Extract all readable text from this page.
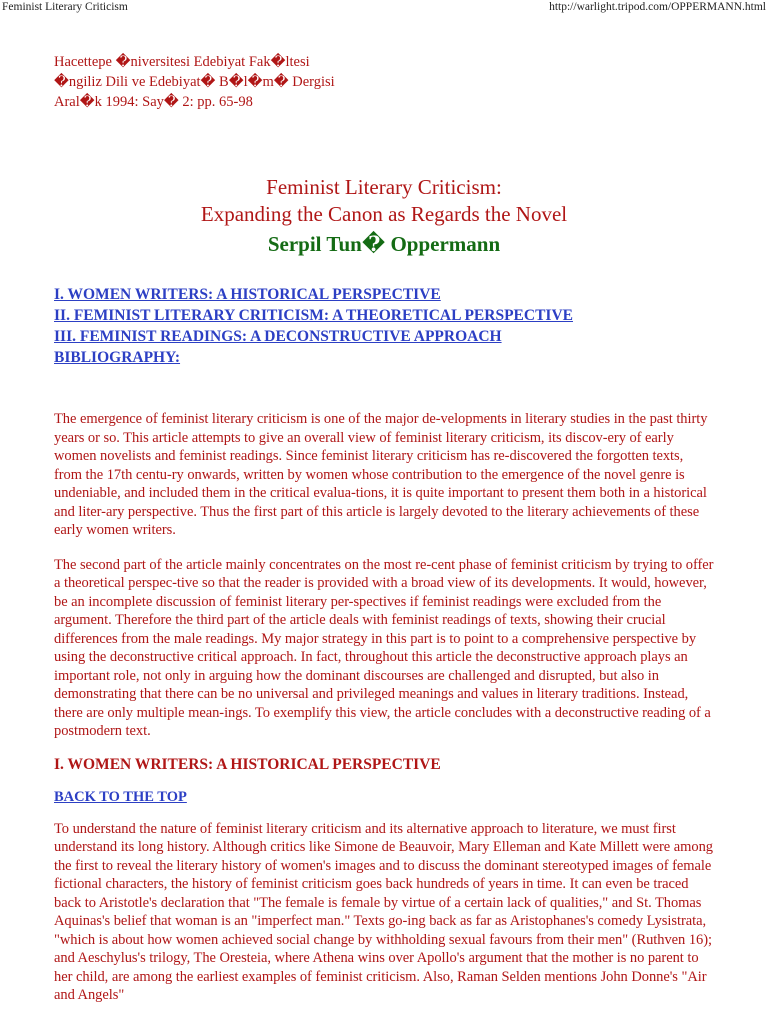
Feminist Literary Criticism	http://warlight.tripod.com/OPPERMANN.html
Hacettepe �niversitesi Edebiyat Fak�ltesi
�ngiliz Dili ve Edebiyat� B�l�m� Dergisi
Aral�k 1994: Say� 2: pp. 65-98
Feminist Literary Criticism:
Expanding the Canon as Regards the Novel
Serpil Tun� Oppermann
I. WOMEN WRITERS: A HISTORICAL PERSPECTIVE
II. FEMINIST LITERARY CRITICISM: A THEORETICAL PERSPECTIVE
III. FEMINIST READINGS: A DECONSTRUCTIVE APPROACH
BIBLIOGRAPHY:

The emergence of feminist literary criticism is one of the major de-velopments in literary studies in the past thirty years or so. This article attempts to give an overall view of feminist literary criticism, its discov-ery of early women novelists and feminist readings. Since feminist literary criticism has re-discovered the forgotten texts, from the 17th centu-ry onwards, written by women whose contribution to the emergence of the novel genre is undeniable, and included them in the critical evalua-tions, it is quite important to present them both in a historical and liter-ary perspective. Thus the first part of this article is largely devoted to the literary achievements of these early women writers.

The second part of the article mainly concentrates on the most re-cent phase of feminist criticism by trying to offer a theoretical perspec-tive so that the reader is provided with a broad view of its developments. It would, however, be an incomplete discussion of feminist literary per-spectives if feminist readings were excluded from the argument. Therefore the third part of the article deals with feminist readings of texts, showing their crucial differences from the male readings. My major strategy in this part is to point to a comprehensive perspective by using the deconstructive critical approach. In fact, throughout this article the deconstructive approach plays an important role, not only in arguing how the dominant discourses are challenged and disrupted, but also in demonstrating that there can be no universal and privileged meanings and values in literary traditions. Instead, there are only multiple mean-ings. To exemplify this view, the article concludes with a deconstructive reading of a postmodern text.

I. WOMEN WRITERS: A HISTORICAL PERSPECTIVE
BACK TO THE TOP

To understand the nature of feminist literary criticism and its alternative approach to literature, we must first understand its long history. Although critics like Simone de Beauvoir, Mary Elleman and Kate Millett were among the first to reveal the literary history of women's images and to discuss the dominant stereotyped images of female fictional characters, the history of feminist criticism goes back hundreds of years in time. It can even be traced back to Aristotle's declaration that "The female is female by virtue of a certain lack of qualities," and St. Thomas Aquinas's belief that woman is an "imperfect man." Texts go-ing back as far as Aristophanes's comedy Lysistrata, "which is about how women achieved social change by withholding sexual favours from their men" (Ruthven 16); and Aeschylus's trilogy, The Oresteia, where Athena wins over Apollo's argument that the mother is no parent to her child, are among the earliest examples of feminist criticism. Also, Raman Selden mentions John Donne's "Air and Angels"
